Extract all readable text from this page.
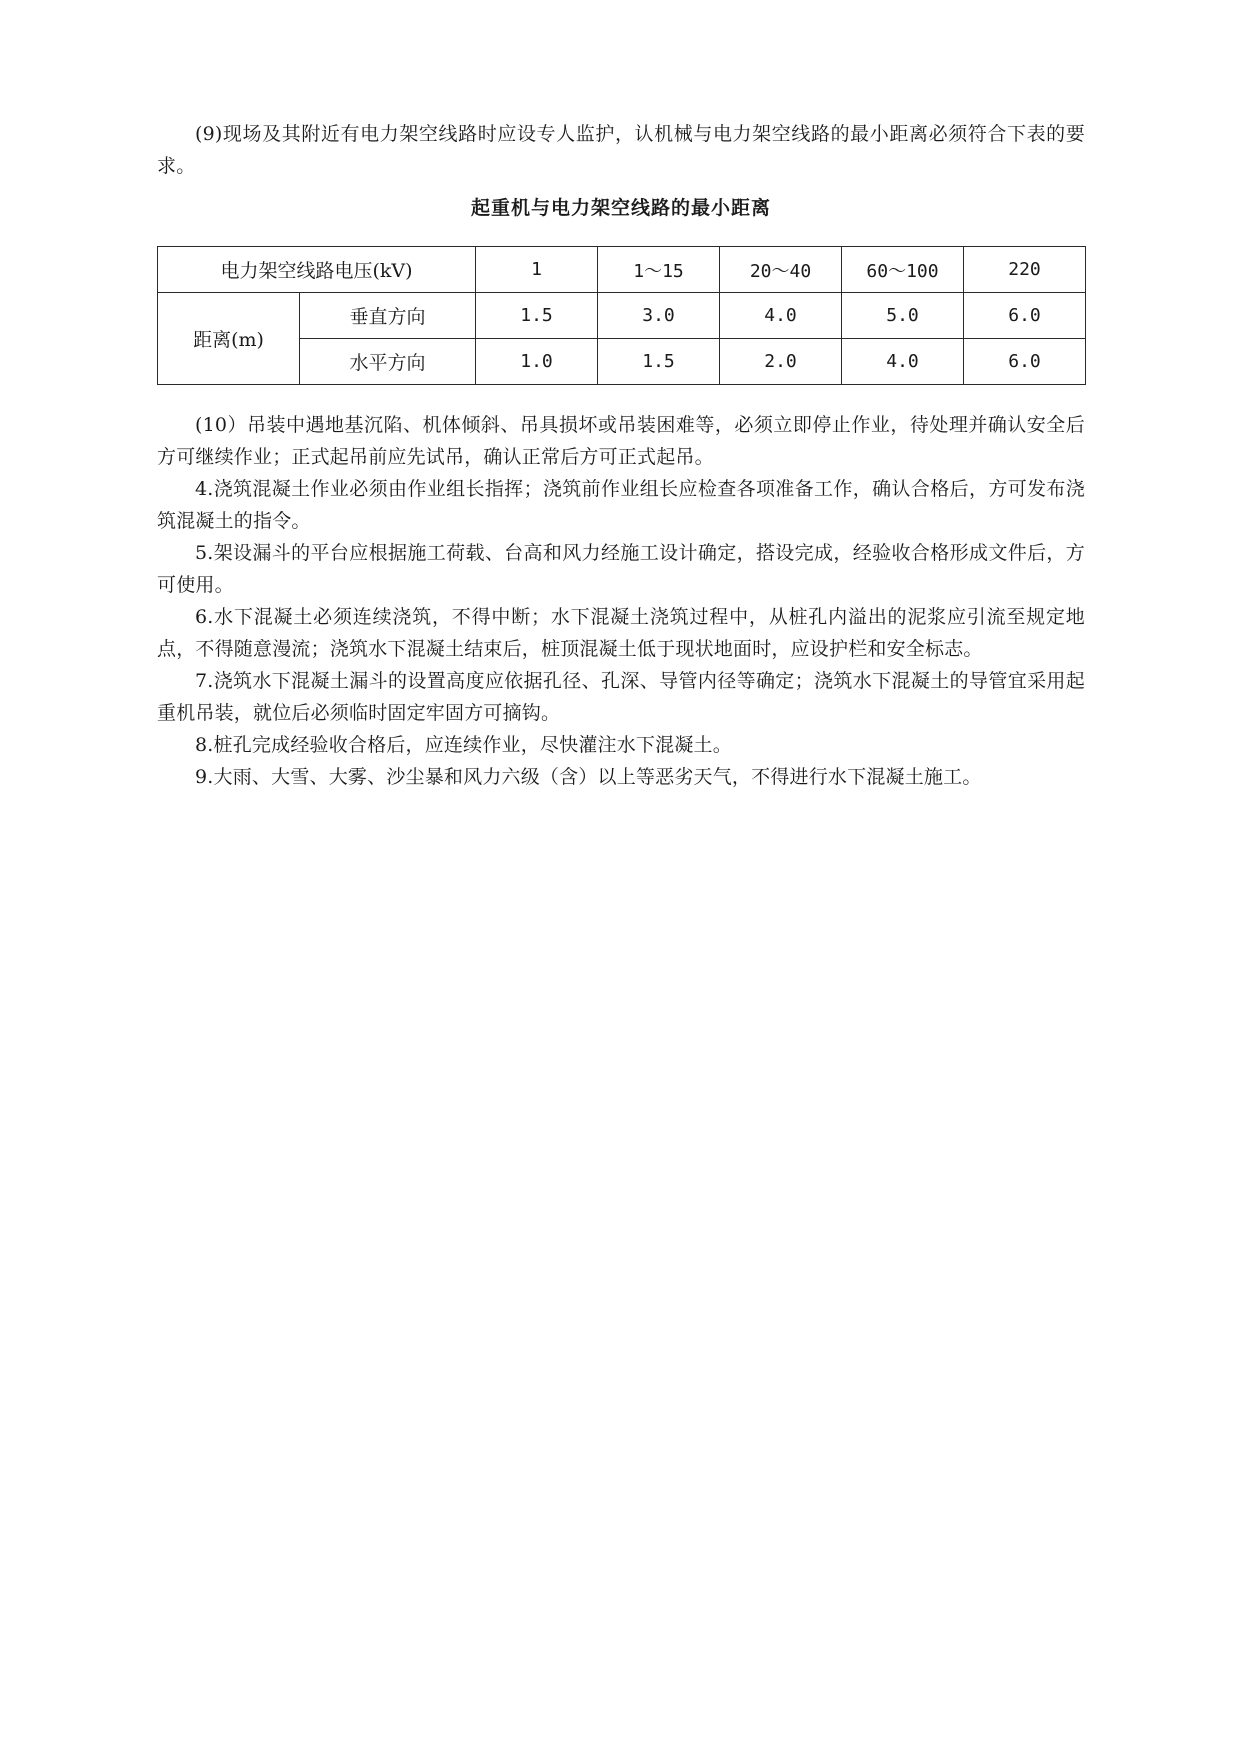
(9)现场及其附近有电力架空线路时应设专人监护，认机械与电力架空线路的最小距离必须符合下表的要求。

起重机与电力架空线路的最小距离
电力架空线路电压(kV)		1	1～15	20～40	60～100	220
距离(m)	垂直方向	1.5	3.0	4.0	5.0	6.0
	水平方向	1.0	1.5	2.0	4.0	6.0

(10）吊装中遇地基沉陷、机体倾斜、吊具损坏或吊装困难等，必须立即停止作业，待处理并确认安全后方可继续作业；正式起吊前应先试吊，确认正常后方可正式起吊。

4.浇筑混凝土作业必须由作业组长指挥；浇筑前作业组长应检查各项准备工作，确认合格后，方可发布浇筑混凝土的指令。

5.架设漏斗的平台应根据施工荷载、台高和风力经施工设计确定，搭设完成，经验收合格形成文件后，方可使用。

6.水下混凝土必须连续浇筑，不得中断；水下混凝土浇筑过程中，从桩孔内溢出的泥浆应引流至规定地点，不得随意漫流；浇筑水下混凝土结束后，桩顶混凝土低于现状地面时，应设护栏和安全标志。

7.浇筑水下混凝土漏斗的设置高度应依据孔径、孔深、导管内径等确定；浇筑水下混凝土的导管宜采用起重机吊装，就位后必须临时固定牢固方可摘钩。

8.桩孔完成经验收合格后，应连续作业，尽快灌注水下混凝土。

9.大雨、大雪、大雾、沙尘暴和风力六级（含）以上等恶劣天气，不得进行水下混凝土施工。
